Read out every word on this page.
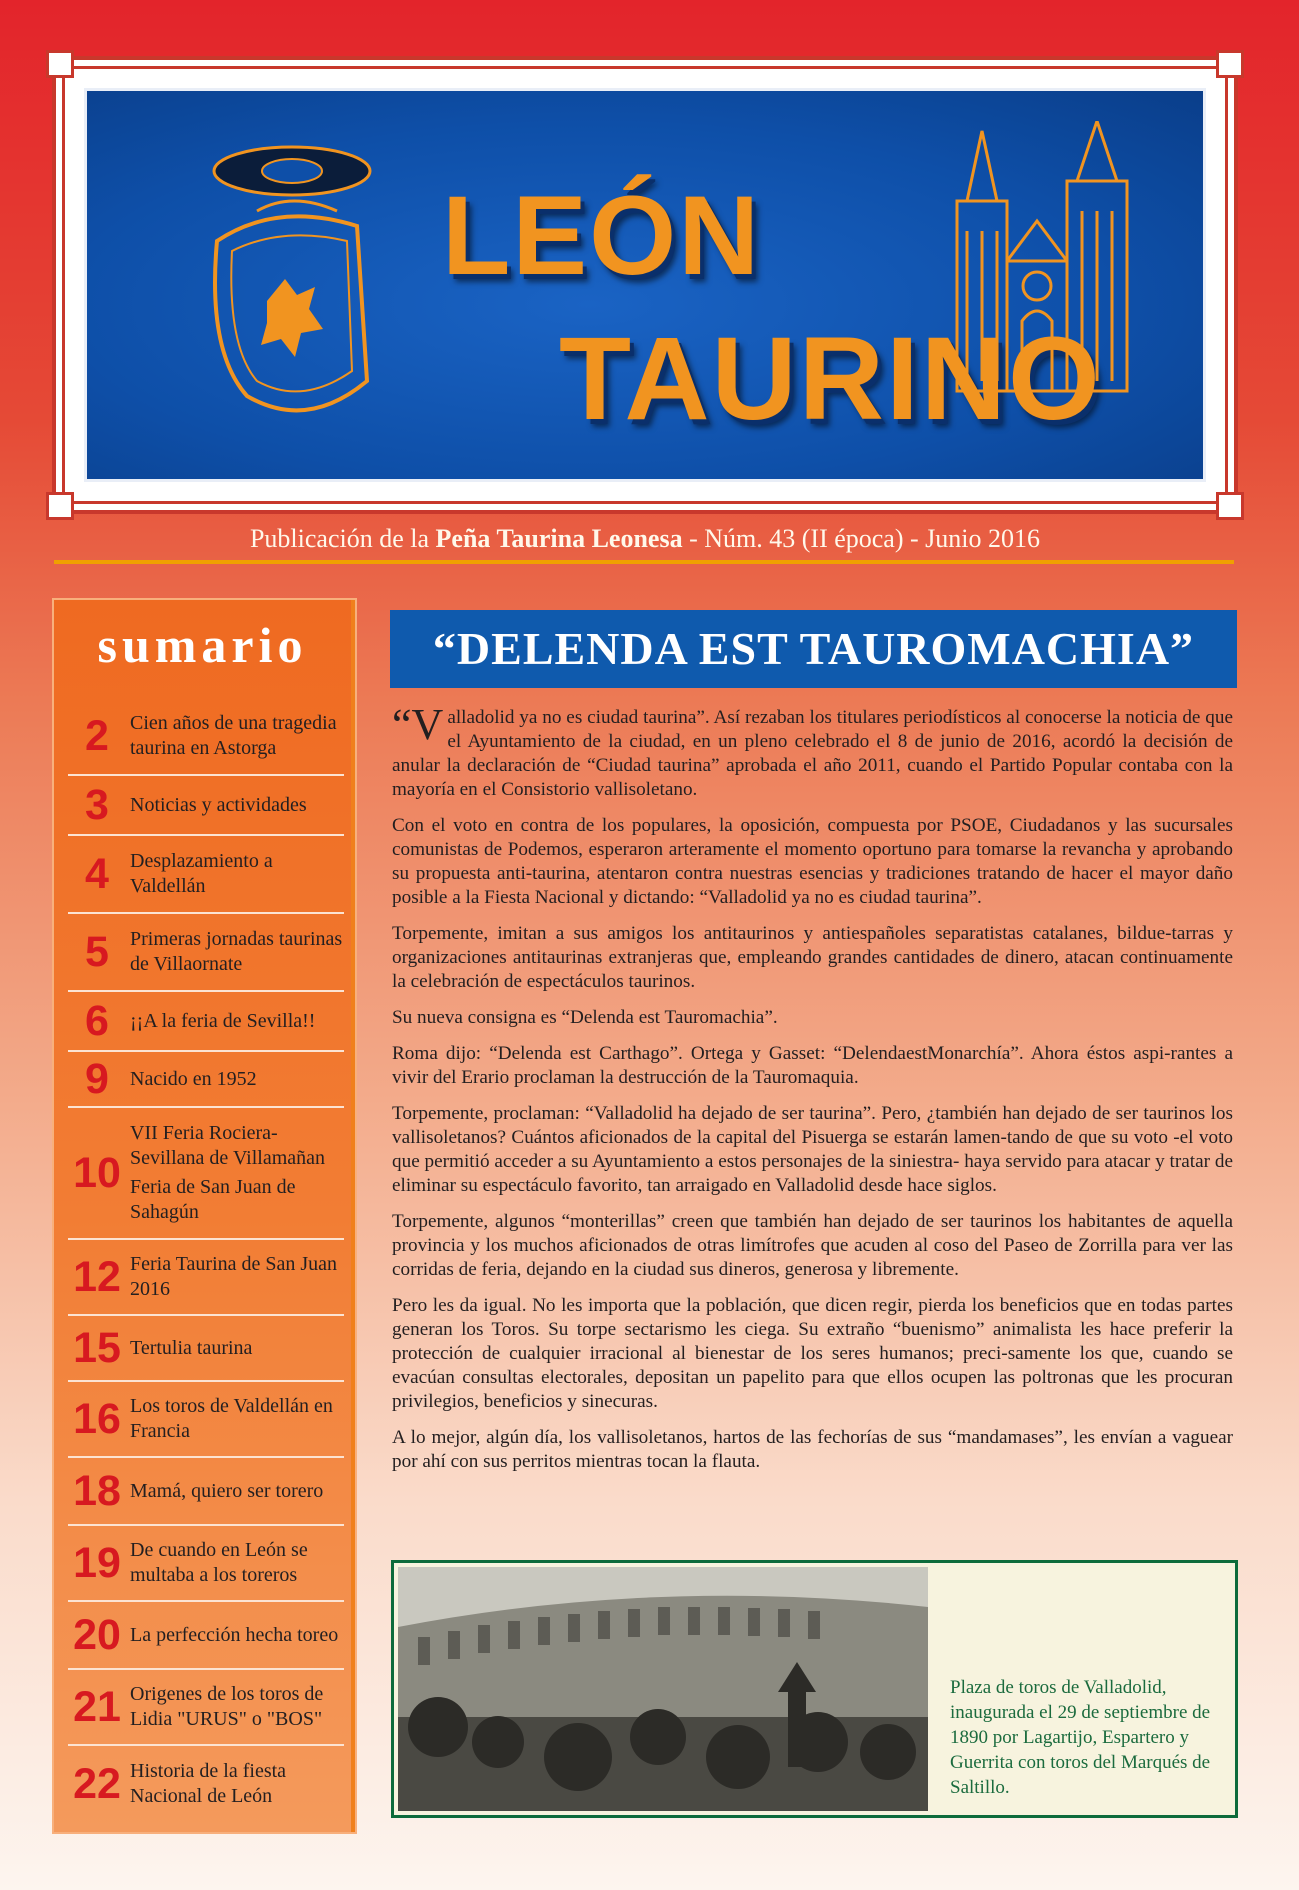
LEÓN
TAURINO
Publicación de la Peña Taurina Leonesa - Núm. 43 (II época) - Junio 2016
sumario
2	Cien años de una tragedia taurina en Astorga
3	Noticias y actividades
4	Desplazamiento a Valdellán
5	Primeras jornadas taurinas de Villaornate
6	¡¡A la feria de Sevilla!!
9	Nacido en 1952
10
VII Feria Rociera-Sevillana de Villamañan
Feria de San Juan de Sahagún
12 Feria Taurina de San Juan 2016
15 Tertulia taurina
16 Los toros de Valdellán en Francia
18 Mamá, quiero ser torero
19 De cuando en León se multaba a los toreros
20 La perfección hecha toreo
21 Origenes de los toros de Lidia "URUS" o "BOS"
22 Historia de la fiesta Nacional de León
“DELENDA EST TAUROMACHIA”

“Valladolid ya no es ciudad taurina”. Así rezaban los titulares periodísticos al conocerse la noticia de que el Ayuntamiento de la ciudad, en un pleno celebrado el 8 de junio de 2016, acordó la decisión de anular la declaración de “Ciudad taurina” aprobada el año 2011, cuando el Partido Popular contaba con la mayoría en el Consistorio vallisoletano.

Con el voto en contra de los populares, la oposición, compuesta por PSOE, Ciudadanos y las sucursales comunistas de Podemos, esperaron arteramente el momento oportuno para tomarse la revancha y aprobando su propuesta anti-taurina, atentaron contra nuestras esencias y tradiciones tratando de hacer el mayor daño posible a la Fiesta Nacional y dictando: “Valladolid ya no es ciudad taurina”.

Torpemente, imitan a sus amigos los antitaurinos y antiespañoles separatistas catalanes, bildue-tarras y organizaciones antitaurinas extranjeras que, empleando grandes cantidades de dinero, atacan continuamente la celebración de espectáculos taurinos.

Su nueva consigna es “Delenda est Tauromachia”.

Roma dijo: “Delenda est Carthago”. Ortega y Gasset: “DelendaestMonarchía”. Ahora éstos aspi-rantes a vivir del Erario proclaman la destrucción de la Tauromaquia.

Torpemente, proclaman: “Valladolid ha dejado de ser taurina”. Pero, ¿también han dejado de ser taurinos los vallisoletanos? Cuántos aficionados de la capital del Pisuerga se estarán lamen-tando de que su voto -el voto que permitió acceder a su Ayuntamiento a estos personajes de la siniestra- haya servido para atacar y tratar de eliminar su espectáculo favorito, tan arraigado en Valladolid desde hace siglos.

Torpemente, algunos “monterillas” creen que también han dejado de ser taurinos los habitantes de aquella provincia y los muchos aficionados de otras limítrofes que acuden al coso del Paseo de Zorrilla para ver las corridas de feria, dejando en la ciudad sus dineros, generosa y libremente.

Pero les da igual. No les importa que la población, que dicen regir, pierda los beneficios que en todas partes generan los Toros. Su torpe sectarismo les ciega. Su extraño “buenismo” animalista les hace preferir la protección de cualquier irracional al bienestar de los seres humanos; preci-samente los que, cuando se evacúan consultas electorales, depositan un papelito para que ellos ocupen las poltronas que les procuran privilegios, beneficios y sinecuras.

A lo mejor, algún día, los vallisoletanos, hartos de las fechorías de sus “mandamases”, les envían a vaguear por ahí con sus perritos mientras tocan la flauta.

Plaza de toros de Valladolid, inaugurada el 29 de septiembre de 1890 por Lagartijo, Espartero y Guerrita con toros del Marqués de Saltillo.
